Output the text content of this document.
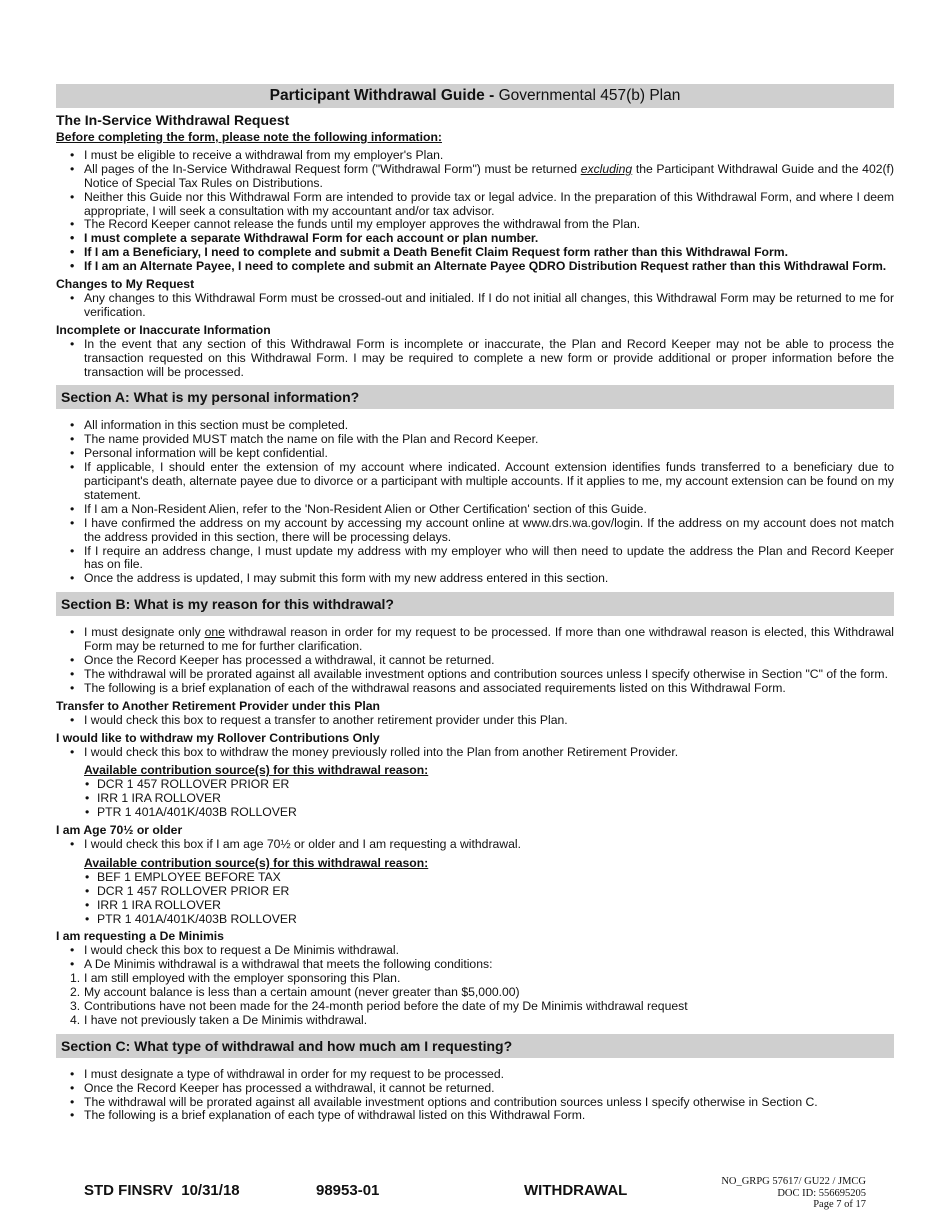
Participant Withdrawal Guide - Governmental 457(b) Plan
The In-Service Withdrawal Request
Before completing the form, please note the following information:
• I must be eligible to receive a withdrawal from my employer's Plan.
• All pages of the In-Service Withdrawal Request form ("Withdrawal Form") must be returned excluding the Participant Withdrawal Guide and the 402(f) Notice of Special Tax Rules on Distributions.
• Neither this Guide nor this Withdrawal Form are intended to provide tax or legal advice. In the preparation of this Withdrawal Form, and where I deem appropriate, I will seek a consultation with my accountant and/or tax advisor.
• The Record Keeper cannot release the funds until my employer approves the withdrawal from the Plan.
• I must complete a separate Withdrawal Form for each account or plan number.
• If I am a Beneficiary, I need to complete and submit a Death Benefit Claim Request form rather than this Withdrawal Form.
• If I am an Alternate Payee, I need to complete and submit an Alternate Payee QDRO Distribution Request rather than this Withdrawal Form.
Changes to My Request
• Any changes to this Withdrawal Form must be crossed-out and initialed. If I do not initial all changes, this Withdrawal Form may be returned to me for verification.
Incomplete or Inaccurate Information
• In the event that any section of this Withdrawal Form is incomplete or inaccurate, the Plan and Record Keeper may not be able to process the transaction requested on this Withdrawal Form. I may be required to complete a new form or provide additional or proper information before the transaction will be processed.
Section A: What is my personal information?
• All information in this section must be completed.
• The name provided MUST match the name on file with the Plan and Record Keeper.
• Personal information will be kept confidential.
• If applicable, I should enter the extension of my account where indicated. Account extension identifies funds transferred to a beneficiary due to participant's death, alternate payee due to divorce or a participant with multiple accounts. If it applies to me, my account extension can be found on my statement.
• If I am a Non-Resident Alien, refer to the 'Non-Resident Alien or Other Certification' section of this Guide.
• I have confirmed the address on my account by accessing my account online at www.drs.wa.gov/login. If the address on my account does not match the address provided in this section, there will be processing delays.
• If I require an address change, I must update my address with my employer who will then need to update the address the Plan and Record Keeper has on file.
• Once the address is updated, I may submit this form with my new address entered in this section.
Section B: What is my reason for this withdrawal?
• I must designate only one withdrawal reason in order for my request to be processed. If more than one withdrawal reason is elected, this Withdrawal Form may be returned to me for further clarification.
• Once the Record Keeper has processed a withdrawal, it cannot be returned.
• The withdrawal will be prorated against all available investment options and contribution sources unless I specify otherwise in Section "C" of the form.
• The following is a brief explanation of each of the withdrawal reasons and associated requirements listed on this Withdrawal Form.
Transfer to Another Retirement Provider under this Plan
• I would check this box to request a transfer to another retirement provider under this Plan.
I would like to withdraw my Rollover Contributions Only
• I would check this box to withdraw the money previously rolled into the Plan from another Retirement Provider.
Available contribution source(s) for this withdrawal reason:
• DCR 1 457 ROLLOVER PRIOR ER
• IRR 1 IRA ROLLOVER
• PTR 1 401A/401K/403B ROLLOVER
I am Age 70½ or older
• I would check this box if I am age 70½ or older and I am requesting a withdrawal.
Available contribution source(s) for this withdrawal reason:
• BEF 1 EMPLOYEE BEFORE TAX
• DCR 1 457 ROLLOVER PRIOR ER
• IRR 1 IRA ROLLOVER
• PTR 1 401A/401K/403B ROLLOVER
I am requesting a De Minimis
• I would check this box to request a De Minimis withdrawal.
• A De Minimis withdrawal is a withdrawal that meets the following conditions:
1. I am still employed with the employer sponsoring this Plan.
2. My account balance is less than a certain amount (never greater than $5,000.00)
3. Contributions have not been made for the 24-month period before the date of my De Minimis withdrawal request
4. I have not previously taken a De Minimis withdrawal.
Section C: What type of withdrawal and how much am I requesting?
• I must designate a type of withdrawal in order for my request to be processed.
• Once the Record Keeper has processed a withdrawal, it cannot be returned.
• The withdrawal will be prorated against all available investment options and contribution sources unless I specify otherwise in Section C.
• The following is a brief explanation of each type of withdrawal listed on this Withdrawal Form.
STD FINSRV  10/31/18	98953-01	WITHDRAWAL
NO_GRPG 57617/ GU22 / JMCG
DOC ID: 556695205
Page 7 of 17
